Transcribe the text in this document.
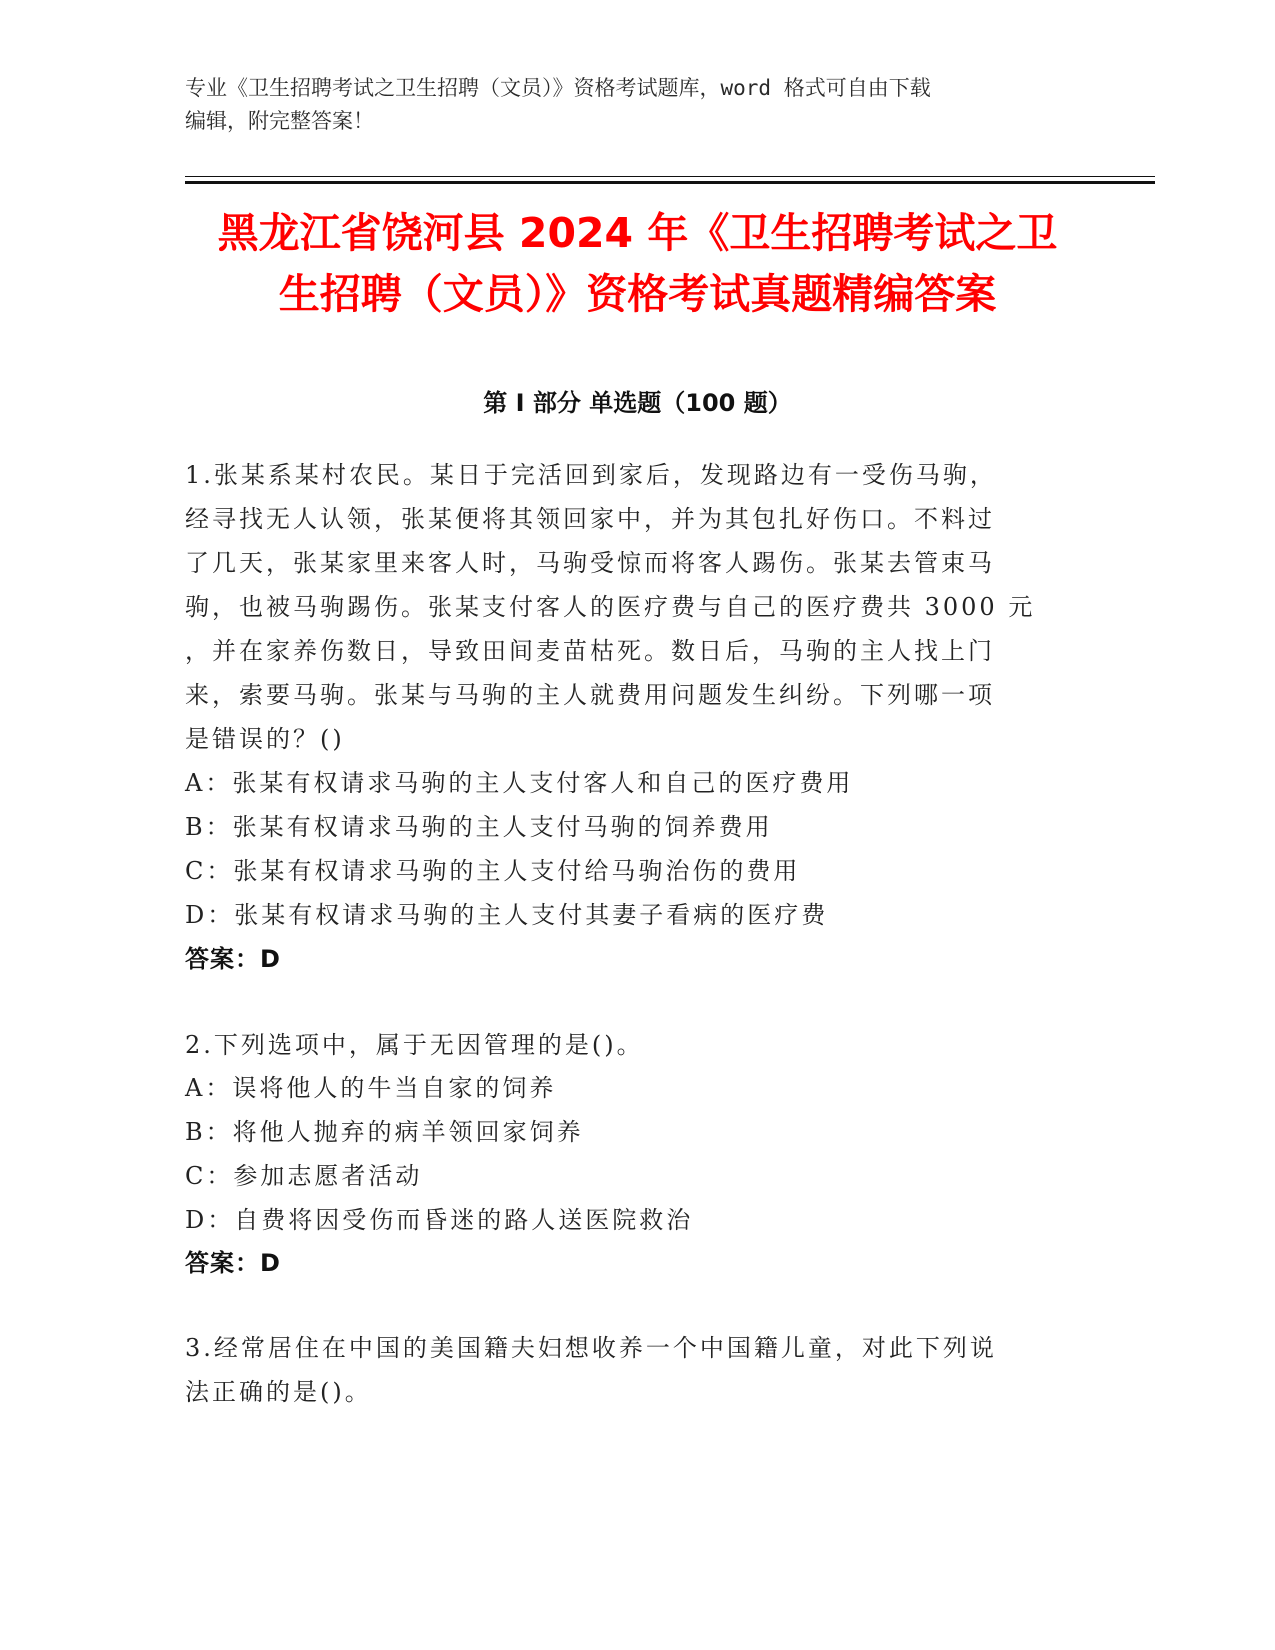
专业《卫生招聘考试之卫生招聘（文员）》资格考试题库，word 格式可自由下载
编辑，附完整答案！
黑龙江省饶河县 2024 年《卫生招聘考试之卫
生招聘（文员）》资格考试真题精编答案
第 I 部分 单选题（100 题）
1.张某系某村农民。某日于完活回到家后，发现路边有一受伤马驹，
经寻找无人认领，张某便将其领回家中，并为其包扎好伤口。不料过
了几天，张某家里来客人时，马驹受惊而将客人踢伤。张某去管束马
驹，也被马驹踢伤。张某支付客人的医疗费与自己的医疗费共 3000 元
，并在家养伤数日，导致田间麦苗枯死。数日后，马驹的主人找上门
来，索要马驹。张某与马驹的主人就费用问题发生纠纷。下列哪一项
是错误的？()
A：张某有权请求马驹的主人支付客人和自己的医疗费用
B：张某有权请求马驹的主人支付马驹的饲养费用
C：张某有权请求马驹的主人支付给马驹治伤的费用
D：张某有权请求马驹的主人支付其妻子看病的医疗费
答案：D
2.下列选项中，属于无因管理的是()。
A：误将他人的牛当自家的饲养
B：将他人抛弃的病羊领回家饲养
C：参加志愿者活动
D：自费将因受伤而昏迷的路人送医院救治
答案：D
3.经常居住在中国的美国籍夫妇想收养一个中国籍儿童，对此下列说
法正确的是()。
